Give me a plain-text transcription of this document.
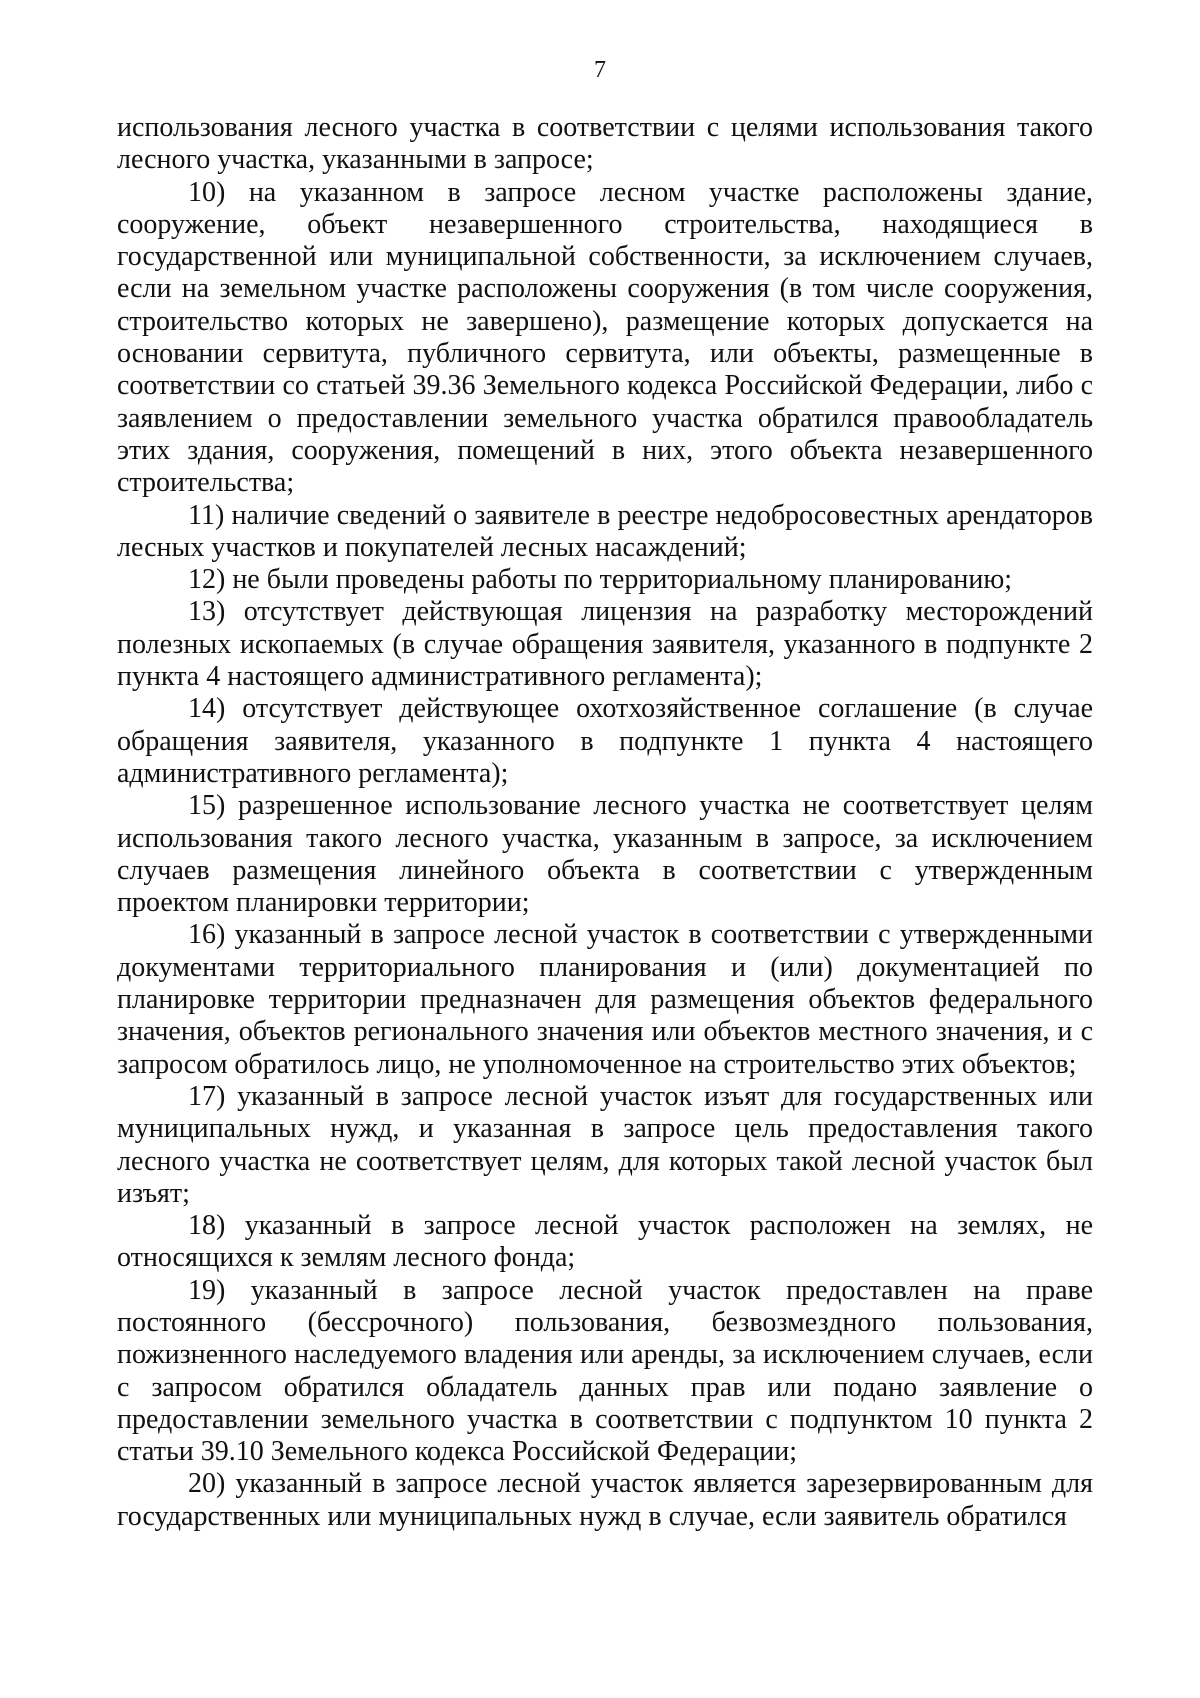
7

использования лесного участка в соответствии с целями использования такого лесного участка, указанными в запросе;

10) на указанном в запросе лесном участке расположены здание, сооружение, объект незавершенного строительства, находящиеся в государственной или муниципальной собственности, за исключением случаев, если на земельном участке расположены сооружения (в том числе сооружения, строительство которых не завершено), размещение которых допускается на основании сервитута, публичного сервитута, или объекты, размещенные в соответствии со статьей 39.36 Земельного кодекса Российской Федерации, либо с заявлением о предоставлении земельного участка обратился правообладатель этих здания, сооружения, помещений в них, этого объекта незавершенного строительства;

11) наличие сведений о заявителе в реестре недобросовестных арендаторов лесных участков и покупателей лесных насаждений;

12) не были проведены работы по территориальному планированию;

13) отсутствует действующая лицензия на разработку месторождений полезных ископаемых (в случае обращения заявителя, указанного в подпункте 2 пункта 4 настоящего административного регламента);

14) отсутствует действующее охотхозяйственное соглашение (в случае обращения заявителя, указанного в подпункте 1 пункта 4 настоящего административного регламента);

15) разрешенное использование лесного участка не соответствует целям использования такого лесного участка, указанным в запросе, за исключением случаев размещения линейного объекта в соответствии с утвержденным проектом планировки территории;

16) указанный в запросе лесной участок в соответствии с утвержденными документами территориального планирования и (или) документацией по планировке территории предназначен для размещения объектов федерального значения, объектов регионального значения или объектов местного значения, и с запросом обратилось лицо, не уполномоченное на строительство этих объектов;

17) указанный в запросе лесной участок изъят для государственных или муниципальных нужд, и указанная в запросе цель предоставления такого лесного участка не соответствует целям, для которых такой лесной участок был изъят;

18) указанный в запросе лесной участок расположен на землях, не относящихся к землям лесного фонда;

19) указанный в запросе лесной участок предоставлен на праве постоянного (бессрочного) пользования, безвозмездного пользования, пожизненного наследуемого владения или аренды, за исключением случаев, если с запросом обратился обладатель данных прав или подано заявление о предоставлении земельного участка в соответствии с подпунктом 10 пункта 2 статьи 39.10 Земельного кодекса Российской Федерации;

20) указанный в запросе лесной участок является зарезервированным для государственных или муниципальных нужд в случае, если заявитель обратился
